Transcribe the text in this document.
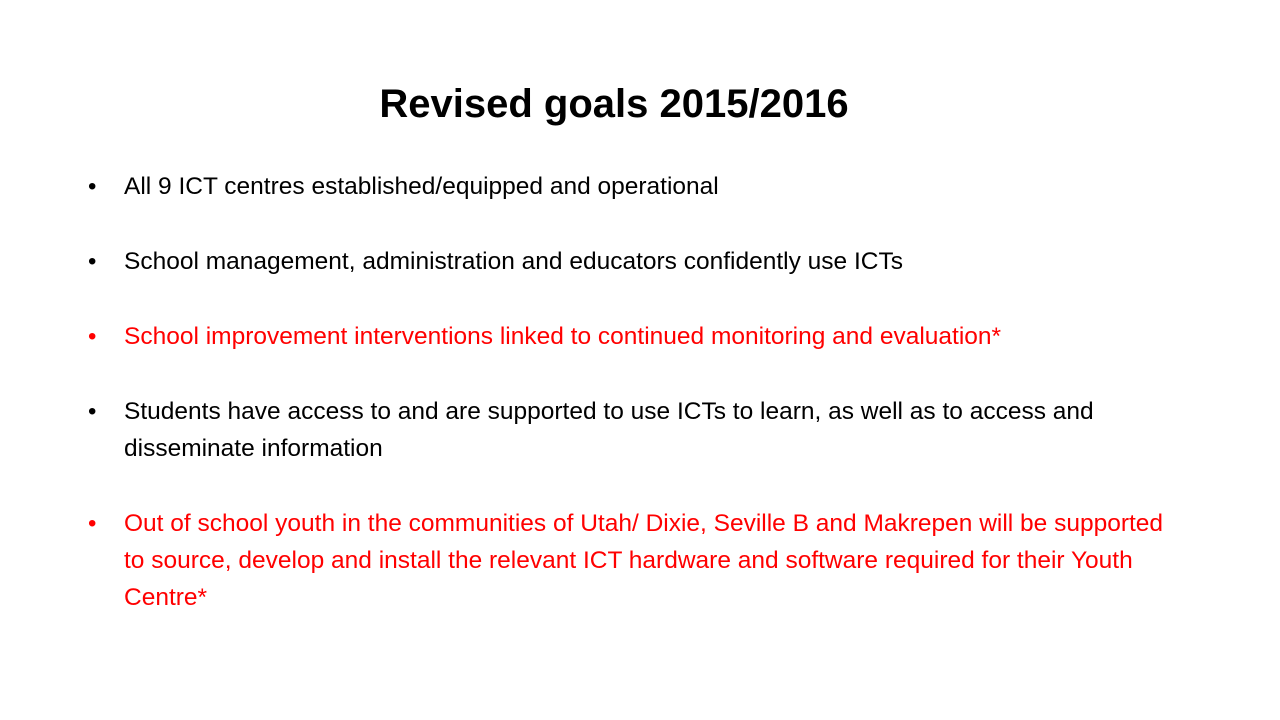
Revised goals 2015/2016
• All 9 ICT centres established/equipped and operational
• School management, administration and educators confidently use ICTs
• School improvement interventions linked to continued monitoring and evaluation*
• Students have access to and are supported to use ICTs to learn, as well as to access and disseminate information
• Out of school youth in the communities of Utah/ Dixie, Seville B and Makrepen will be supported to source, develop and install the relevant ICT hardware and software required for their Youth Centre*
